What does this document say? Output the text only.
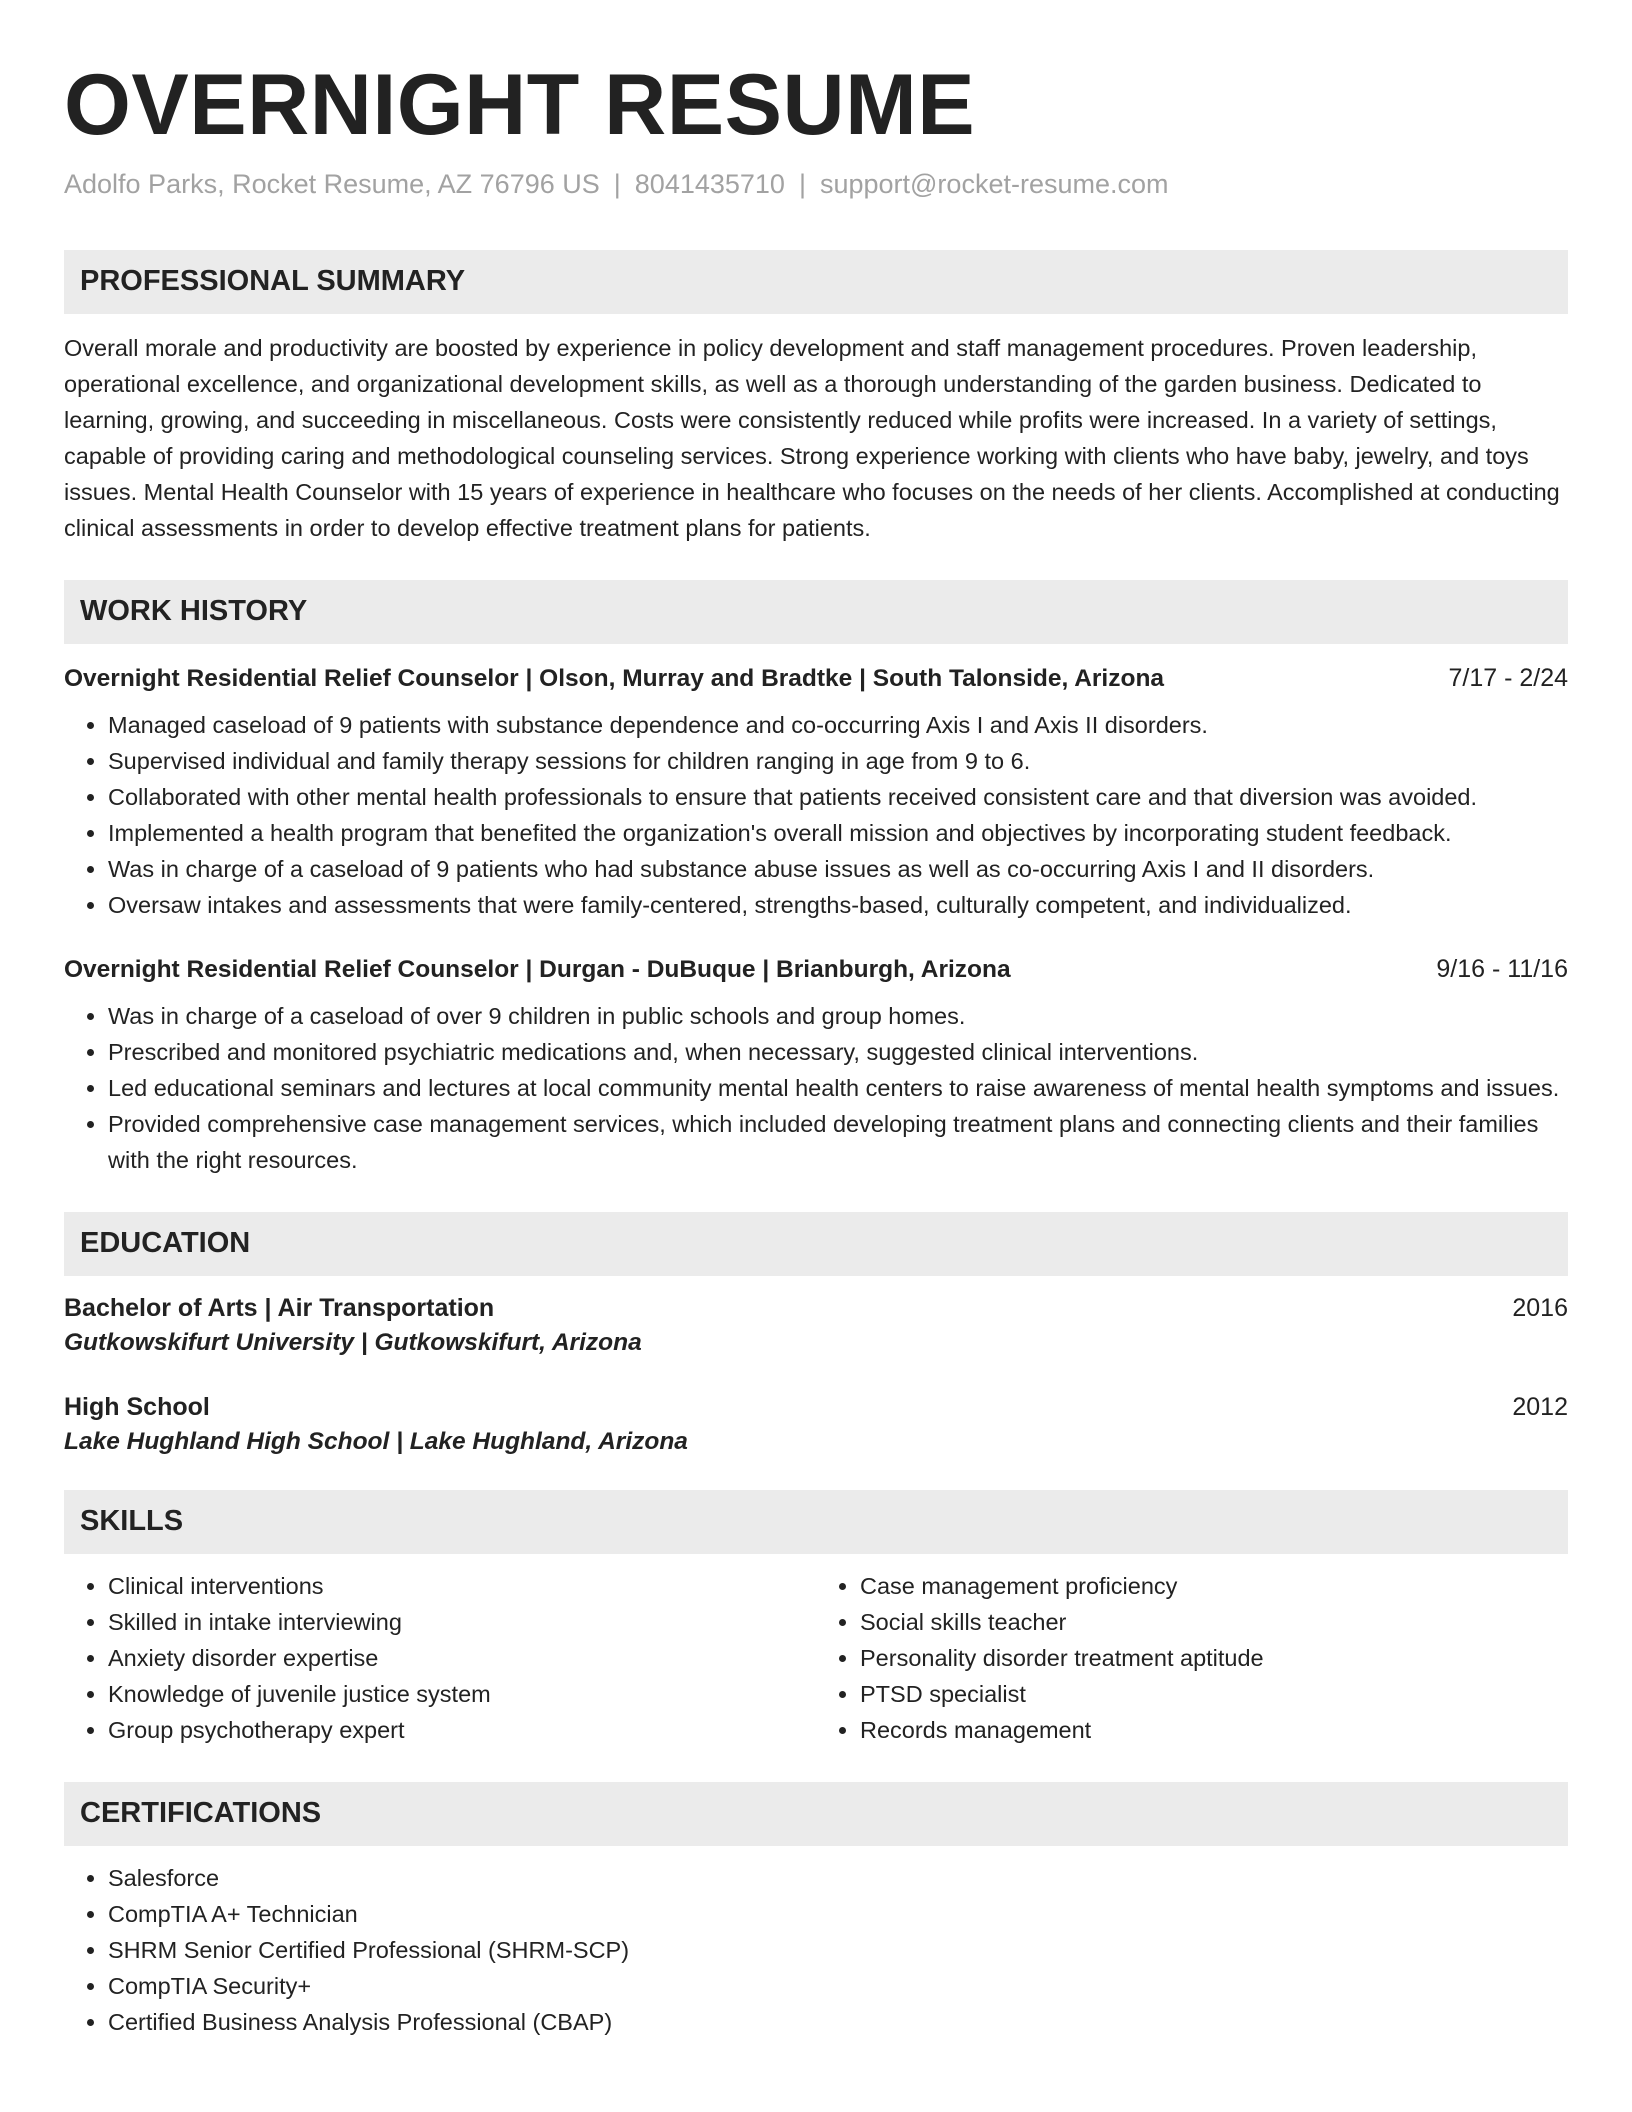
OVERNIGHT RESUME
Adolfo Parks, Rocket Resume, AZ 76796 US | 8041435710 | support@rocket-resume.com
PROFESSIONAL SUMMARY
Overall morale and productivity are boosted by experience in policy development and staff management procedures. Proven leadership, operational excellence, and organizational development skills, as well as a thorough understanding of the garden business. Dedicated to learning, growing, and succeeding in miscellaneous. Costs were consistently reduced while profits were increased. In a variety of settings, capable of providing caring and methodological counseling services. Strong experience working with clients who have baby, jewelry, and toys issues. Mental Health Counselor with 15 years of experience in healthcare who focuses on the needs of her clients. Accomplished at conducting clinical assessments in order to develop effective treatment plans for patients.
WORK HISTORY
Overnight Residential Relief Counselor | Olson, Murray and Bradtke | South Talonside, Arizona	7/17 - 2/24
• Managed caseload of 9 patients with substance dependence and co-occurring Axis I and Axis II disorders.
• Supervised individual and family therapy sessions for children ranging in age from 9 to 6.
• Collaborated with other mental health professionals to ensure that patients received consistent care and that diversion was avoided.
• Implemented a health program that benefited the organization's overall mission and objectives by incorporating student feedback.
• Was in charge of a caseload of 9 patients who had substance abuse issues as well as co-occurring Axis I and II disorders.
• Oversaw intakes and assessments that were family-centered, strengths-based, culturally competent, and individualized.
Overnight Residential Relief Counselor | Durgan - DuBuque | Brianburgh, Arizona	9/16 - 11/16
• Was in charge of a caseload of over 9 children in public schools and group homes.
• Prescribed and monitored psychiatric medications and, when necessary, suggested clinical interventions.
• Led educational seminars and lectures at local community mental health centers to raise awareness of mental health symptoms and issues.
• Provided comprehensive case management services, which included developing treatment plans and connecting clients and their families with the right resources.
EDUCATION
Bachelor of Arts | Air Transportation	2016
Gutkowskifurt University | Gutkowskifurt, Arizona
High School	2012
Lake Hughland High School | Lake Hughland, Arizona
SKILLS
• Clinical interventions
• Skilled in intake interviewing
• Anxiety disorder expertise
• Knowledge of juvenile justice system
• Group psychotherapy expert
• Case management proficiency
• Social skills teacher
• Personality disorder treatment aptitude
• PTSD specialist
• Records management
CERTIFICATIONS
• Salesforce
• CompTIA A+ Technician
• SHRM Senior Certified Professional (SHRM-SCP)
• CompTIA Security+
• Certified Business Analysis Professional (CBAP)
